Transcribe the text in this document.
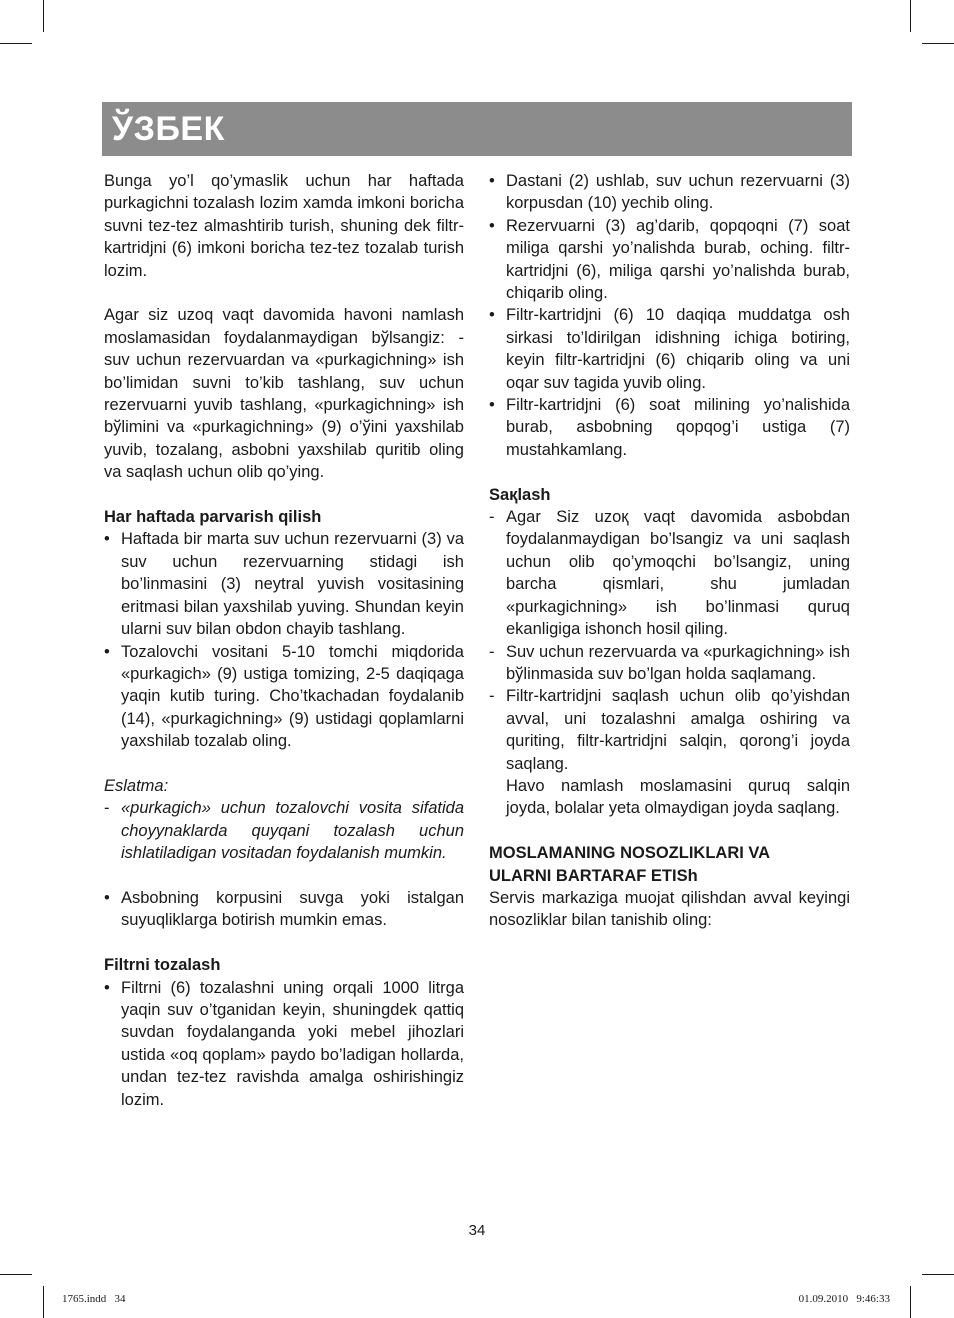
ЎЗБЕК

Bunga yo’l qo’ymaslik uchun har haftada purkagichni tozalash lozim xamda imkoni boricha suvni tez-tez almashtirib turish, shuning dek filtr-kartridjni (6) imkoni boricha tez-tez tozalab turish lozim.

Agar siz uzoq vaqt davomida havoni namlash moslamasidan foydalanmaydigan bўlsangiz: - suv uchun rezervuardan va «purkagichning» ish bo’limidan suvni to’kib tashlang, suv uchun rezervuarni yuvib tashlang, «purkagichning» ish bўlimini va «purkagichning» (9) o’ўini yaxshilab yuvib, tozalang, asbobni yaxshilab quritib oling va saqlash uchun olib qo’ying.

Har haftada parvarish qilish

• Haftada bir marta suv uchun rezervuarni (3) va suv uchun rezervuarning stidagi ish bo’linmasini (3) neytral yuvish vositasining eritmasi bilan yaxshilab yuving. Shundan keyin ularni suv bilan obdon chayib tashlang.
• Tozalovchi vositani 5-10 tomchi miqdorida «purkagich» (9) ustiga tomizing, 2-5 daqiqaga yaqin kutib turing. Cho’tkachadan foydalanib (14), «purkagichning» (9) ustidagi qoplamlarni yaxshilab tozalab oling.

Eslatma:

- «purkagich» uchun tozalovchi vosita sifatida choyynaklarda quyqani tozalash uchun ishlatiladigan vositadan foydalanish mumkin.
• Asbobning korpusini suvga yoki istalgan suyuqliklarga botirish mumkin emas.

Filtrni tozalash

• Filtrni (6) tozalashni uning orqali 1000 litrga yaqin suv o’tganidan keyin, shuningdek qattiq suvdan foydalanganda yoki mebel jihozlari ustida «oq qoplam» paydo bo’ladigan hollarda, undan tez-tez ravishda amalga oshirishingiz lozim.
• Dastani (2) ushlab, suv uchun rezervuarni (3) korpusdan (10) yechib oling.
• Rezervuarni (3) ag’darib, qopqoqni (7) soat miliga qarshi yo’nalishda burab, oching. filtr-kartridjni (6), miliga qarshi yo’nalishda burab, chiqarib oling.
• Filtr-kartridjni (6) 10 daqiqa muddatga osh sirkasi to’ldirilgan idishning ichiga botiring, keyin filtr-kartridjni (6) chiqarib oling va uni oqar suv tagida yuvib oling.
• Filtr-kartridjni (6) soat milining yo’nalishida burab, asbobning qopqog’i ustiga (7) mustahkamlang.

Saқlash

- Agar Siz uzoқ vaqt davomida asbobdan foydalanmaydigan bo’lsangiz va uni saqlash uchun olib qo’ymoqchi bo’lsangiz, uning barcha qismlari, shu jumladan «purkagichning» ish bo’linmasi quruq ekanligiga ishonch hosil qiling.
- Suv uchun rezervuarda va «purkagichning» ish bўlinmasida suv bo’lgan holda saqlamang.
- Filtr-kartridjni saqlash uchun olib qo’yishdan avval, uni tozalashni amalga oshiring va quriting, filtr-kartridjni salqin, qorong’i joyda saqlang.

Havo namlash moslamasini quruq salqin joyda, bolalar yeta olmaydigan joyda saqlang.

MOSLAMANING NOSOZLIKLARI VA

ULARNI BARTARAF ETISh

Servis markaziga muojat qilishdan avval keyingi nosozliklar bilan tanishib oling:

34
1765.indd   34	01.09.2010   9:46:33
